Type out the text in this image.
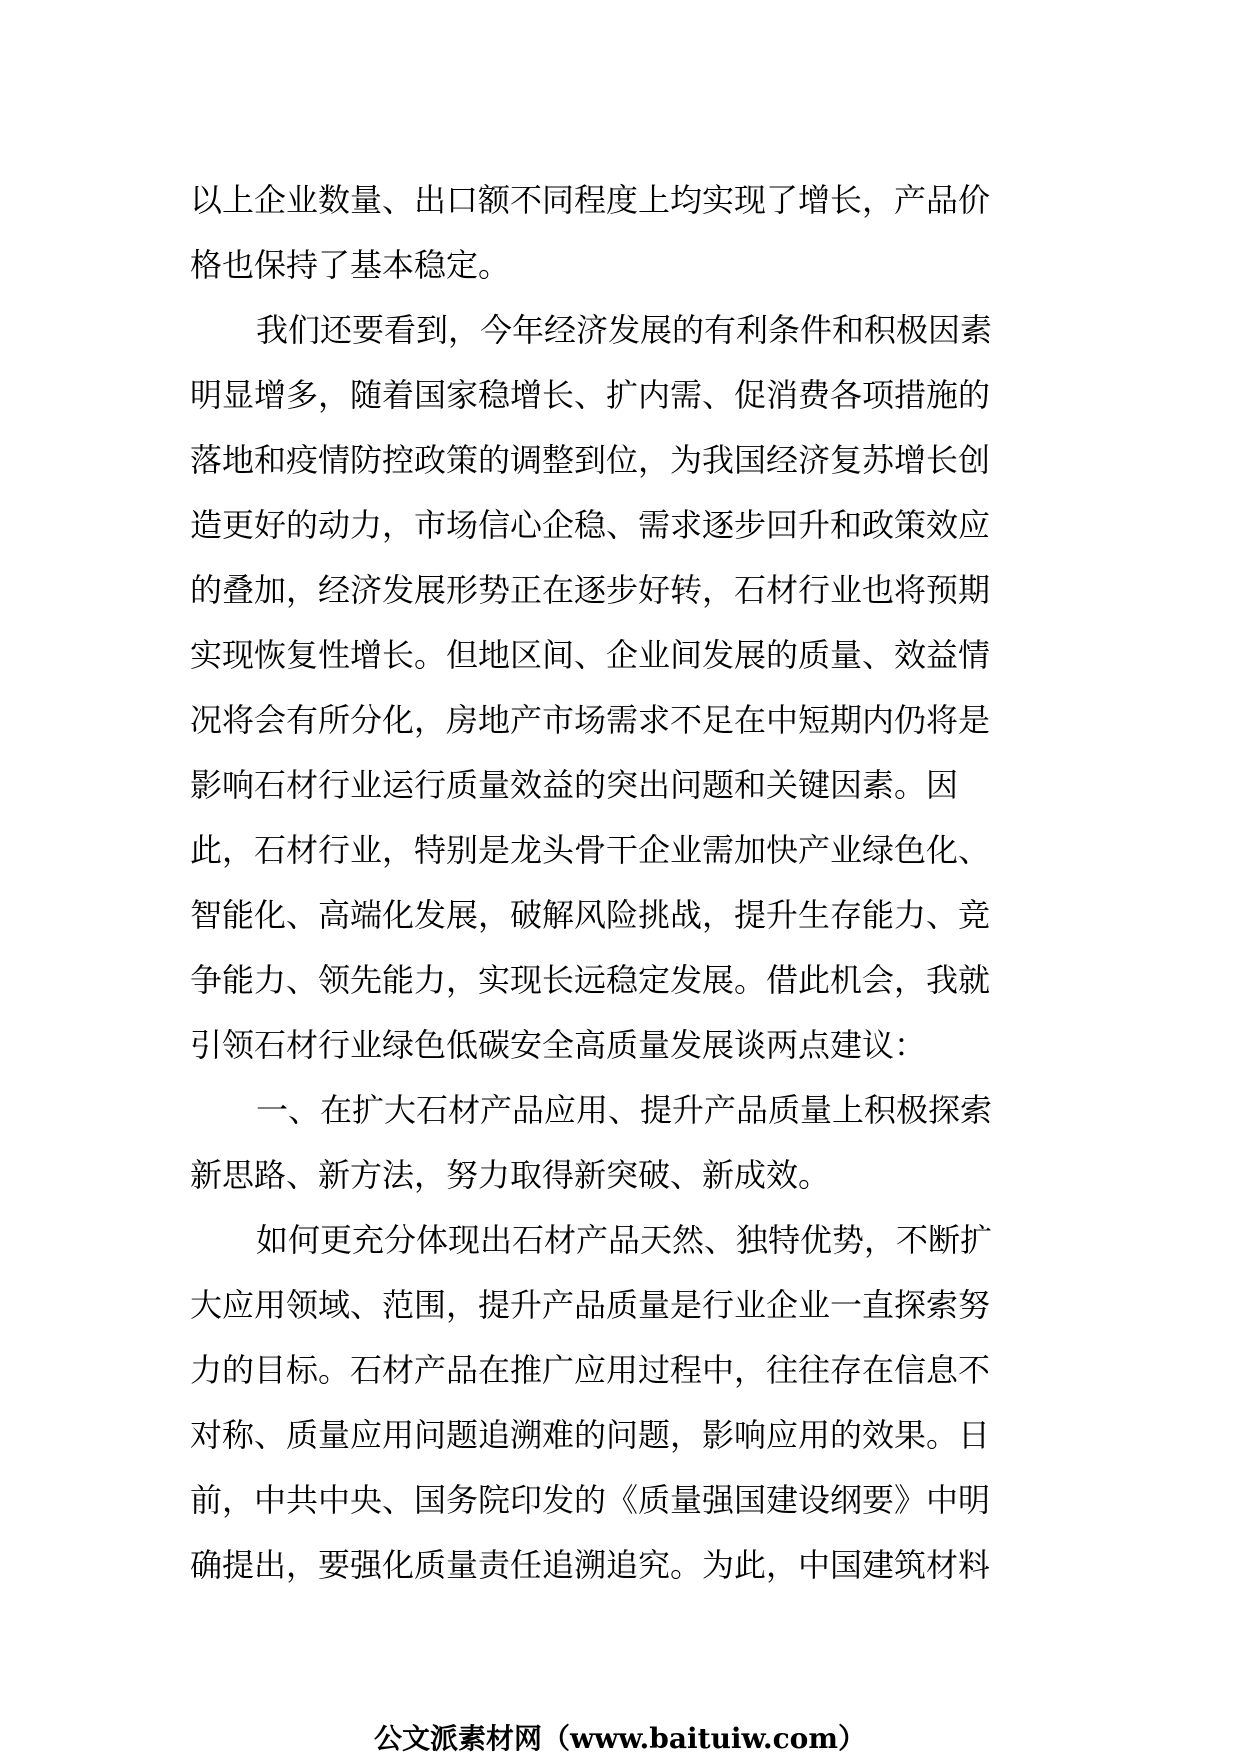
以上企业数量、出口额不同程度上均实现了增长，产品价
格也保持了基本稳定。
我们还要看到，今年经济发展的有利条件和积极因素
明显增多，随着国家稳增长、扩内需、促消费各项措施的
落地和疫情防控政策的调整到位，为我国经济复苏增长创
造更好的动力，市场信心企稳、需求逐步回升和政策效应
的叠加，经济发展形势正在逐步好转，石材行业也将预期
实现恢复性增长。但地区间、企业间发展的质量、效益情
况将会有所分化，房地产市场需求不足在中短期内仍将是
影响石材行业运行质量效益的突出问题和关键因素。因
此，石材行业，特别是龙头骨干企业需加快产业绿色化、
智能化、高端化发展，破解风险挑战，提升生存能力、竞
争能力、领先能力，实现长远稳定发展。借此机会，我就
引领石材行业绿色低碳安全高质量发展谈两点建议：
一、在扩大石材产品应用、提升产品质量上积极探索
新思路、新方法，努力取得新突破、新成效。
如何更充分体现出石材产品天然、独特优势，不断扩
大应用领域、范围，提升产品质量是行业企业一直探索努
力的目标。石材产品在推广应用过程中，往往存在信息不
对称、质量应用问题追溯难的问题，影响应用的效果。日
前，中共中央、国务院印发的《质量强国建设纲要》中明
确提出，要强化质量责任追溯追究。为此，中国建筑材料
公文派素材网（www.baituiw.com）
